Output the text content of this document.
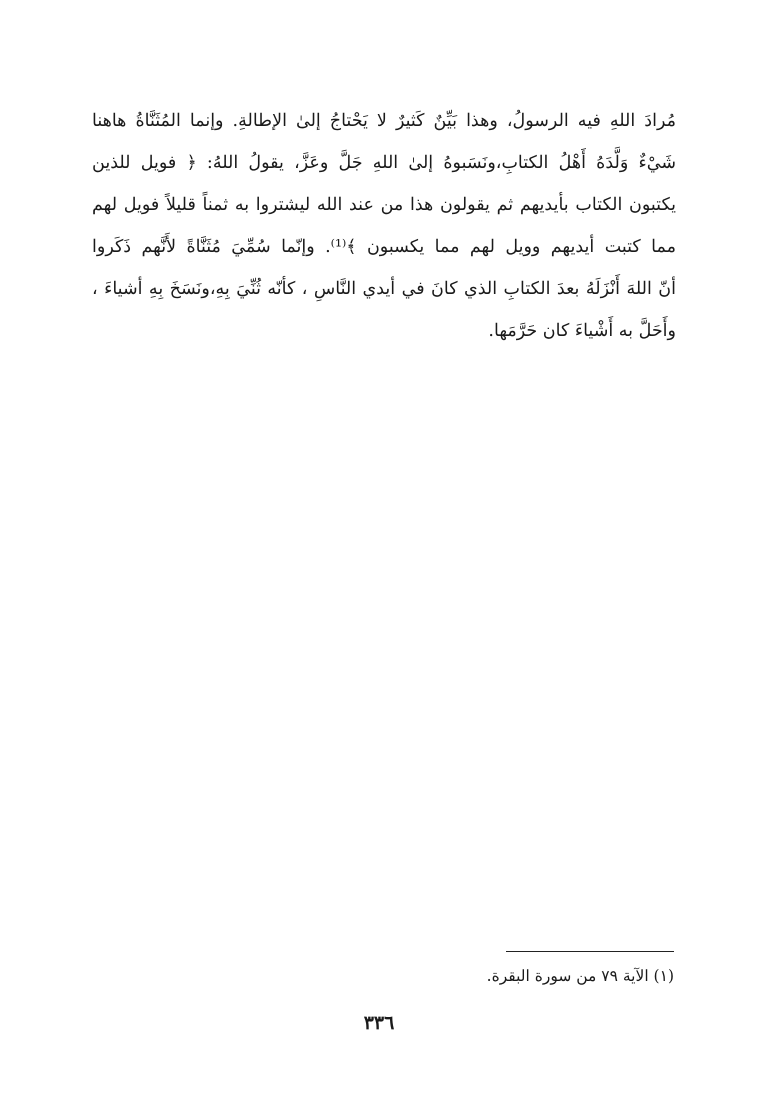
مُرادَ اللهِ فيه الرسولُ، وهذا بَيِّنٌ كَثيرٌ لا يَحْتاجُ إلىٰ الإطالةِ. وإنما المُثَنَّاةُ هاهنا
شَيْءٌ وَلَّدَهُ أَهْلُ الكتابِ،ونَسَبوهُ إلىٰ اللهِ جَلَّ وعَزَّ، يقولُ اللهُ: ﴿ فويل للذين
يكتبون الكتاب بأيديهم ثم يقولون هذا من عند الله ليشتروا به ثمناً قليلاً فويل لهم
مما كتبت أيديهم وويل لهم مما يكسبون ﴾⁽¹⁾. وإنّما سُمِّيَ مُثَنَّاةً لأَنَّهم ذَكَروا
أنّ اللهَ أَنْزَلَهُ بعدَ الكتابِ الذي كانَ في أيدي النَّاسِ ، كأنّه ثُنِّيَ بِهِ،ونَسَخَ بِهِ أشياءَ ،
وأَحَلَّ به أَشْياءَ كان حَرَّمَها.
(١) الآية ٧٩ من سورة البقرة.
٣٣٦
